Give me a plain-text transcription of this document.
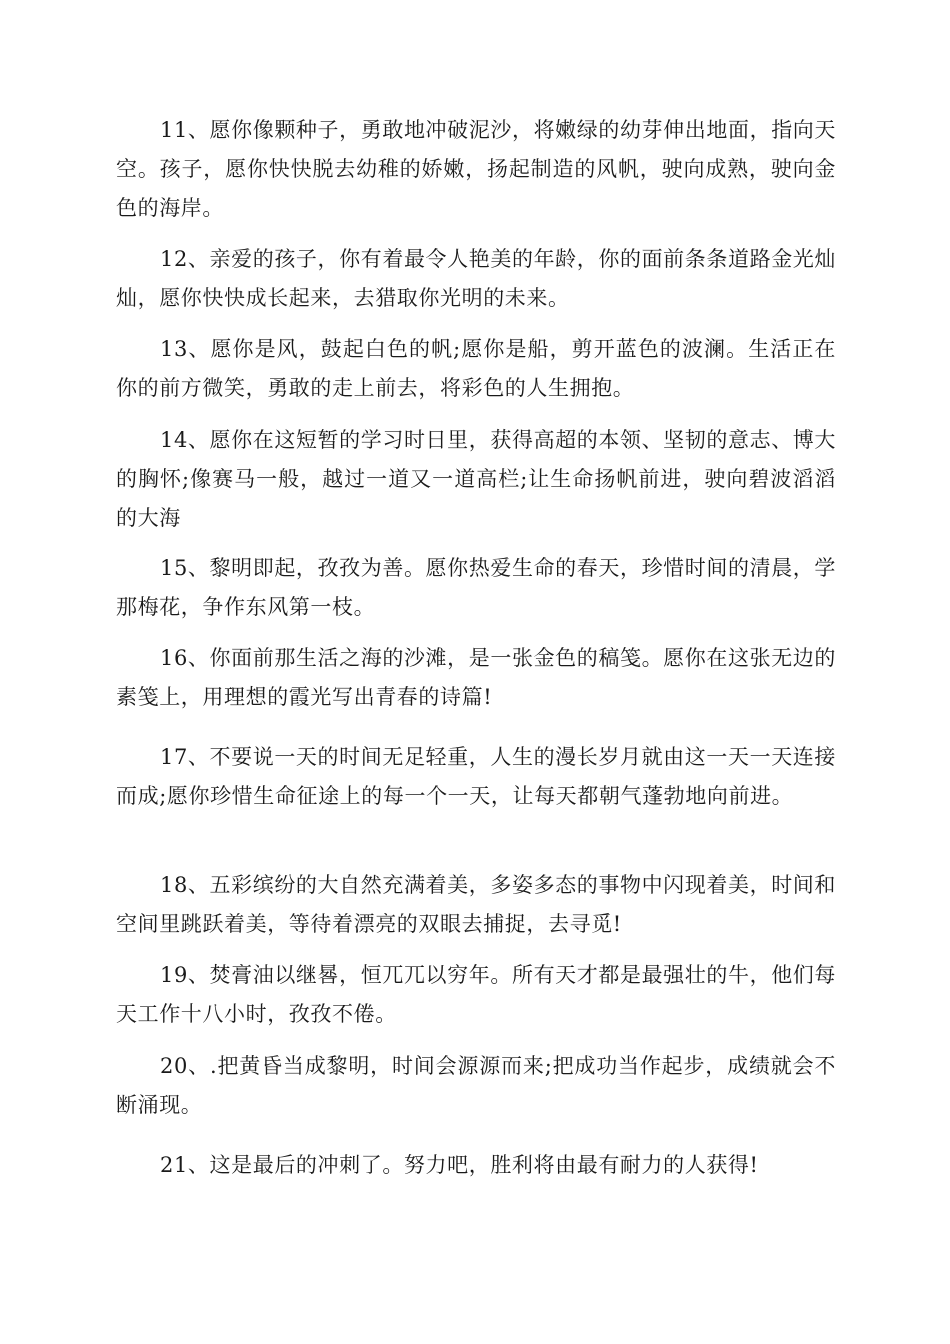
11、愿你像颗种子，勇敢地冲破泥沙，将嫩绿的幼芽伸出地面，指向天空。孩子，愿你快快脱去幼稚的娇嫩，扬起制造的风帆，驶向成熟，驶向金色的海岸。

12、亲爱的孩子，你有着最令人艳美的年龄，你的面前条条道路金光灿灿，愿你快快成长起来，去猎取你光明的未来。

13、愿你是风，鼓起白色的帆;愿你是船，剪开蓝色的波澜。生活正在你的前方微笑，勇敢的走上前去，将彩色的人生拥抱。

14、愿你在这短暂的学习时日里，获得高超的本领、坚韧的意志、博大的胸怀;像赛马一般，越过一道又一道高栏;让生命扬帆前进，驶向碧波滔滔的大海

15、黎明即起，孜孜为善。愿你热爱生命的春天，珍惜时间的清晨，学那梅花，争作东风第一枝。

16、你面前那生活之海的沙滩，是一张金色的稿笺。愿你在这张无边的素笺上，用理想的霞光写出青春的诗篇!

17、不要说一天的时间无足轻重，人生的漫长岁月就由这一天一天连接而成;愿你珍惜生命征途上的每一个一天，让每天都朝气蓬勃地向前进。

18、五彩缤纷的大自然充满着美，多姿多态的事物中闪现着美，时间和空间里跳跃着美，等待着漂亮的双眼去捕捉，去寻觅!

19、焚膏油以继晷，恒兀兀以穷年。所有天才都是最强壮的牛，他们每天工作十八小时，孜孜不倦。

20、.把黄昏当成黎明，时间会源源而来;把成功当作起步，成绩就会不断涌现。

21、这是最后的冲刺了。努力吧，胜利将由最有耐力的人获得!
